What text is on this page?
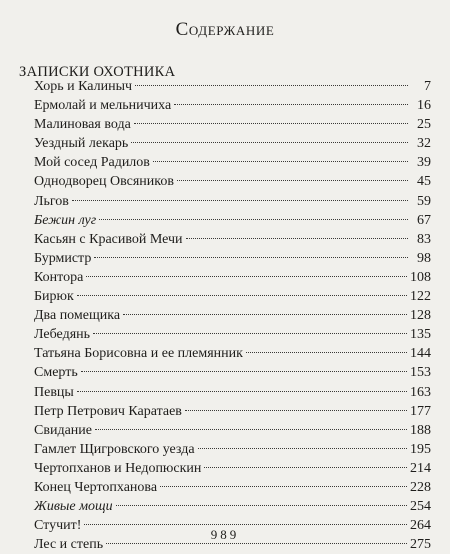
Содержание
ЗАПИСКИ ОХОТНИКА
Хорь и Калиныч	7
Ермолай и мельничиха	16
Малиновая вода	25
Уездный лекарь	32
Мой сосед Радилов	39
Однодворец Овсяников	45
Льгов	59
Бежин луг	67
Касьян с Красивой Мечи	83
Бурмистр	98
Контора	108
Бирюк	122
Два помещика	128
Лебедянь	135
Татьяна Борисовна и ее племянник	144
Смерть	153
Певцы	163
Петр Петрович Каратаев	177
Свидание	188
Гамлет Щигровского уезда	195
Чертопханов и Недопюскин	214
Конец Чертопханова	228
Живые мощи	254
Стучит!	264
Лес и степь	275
989
